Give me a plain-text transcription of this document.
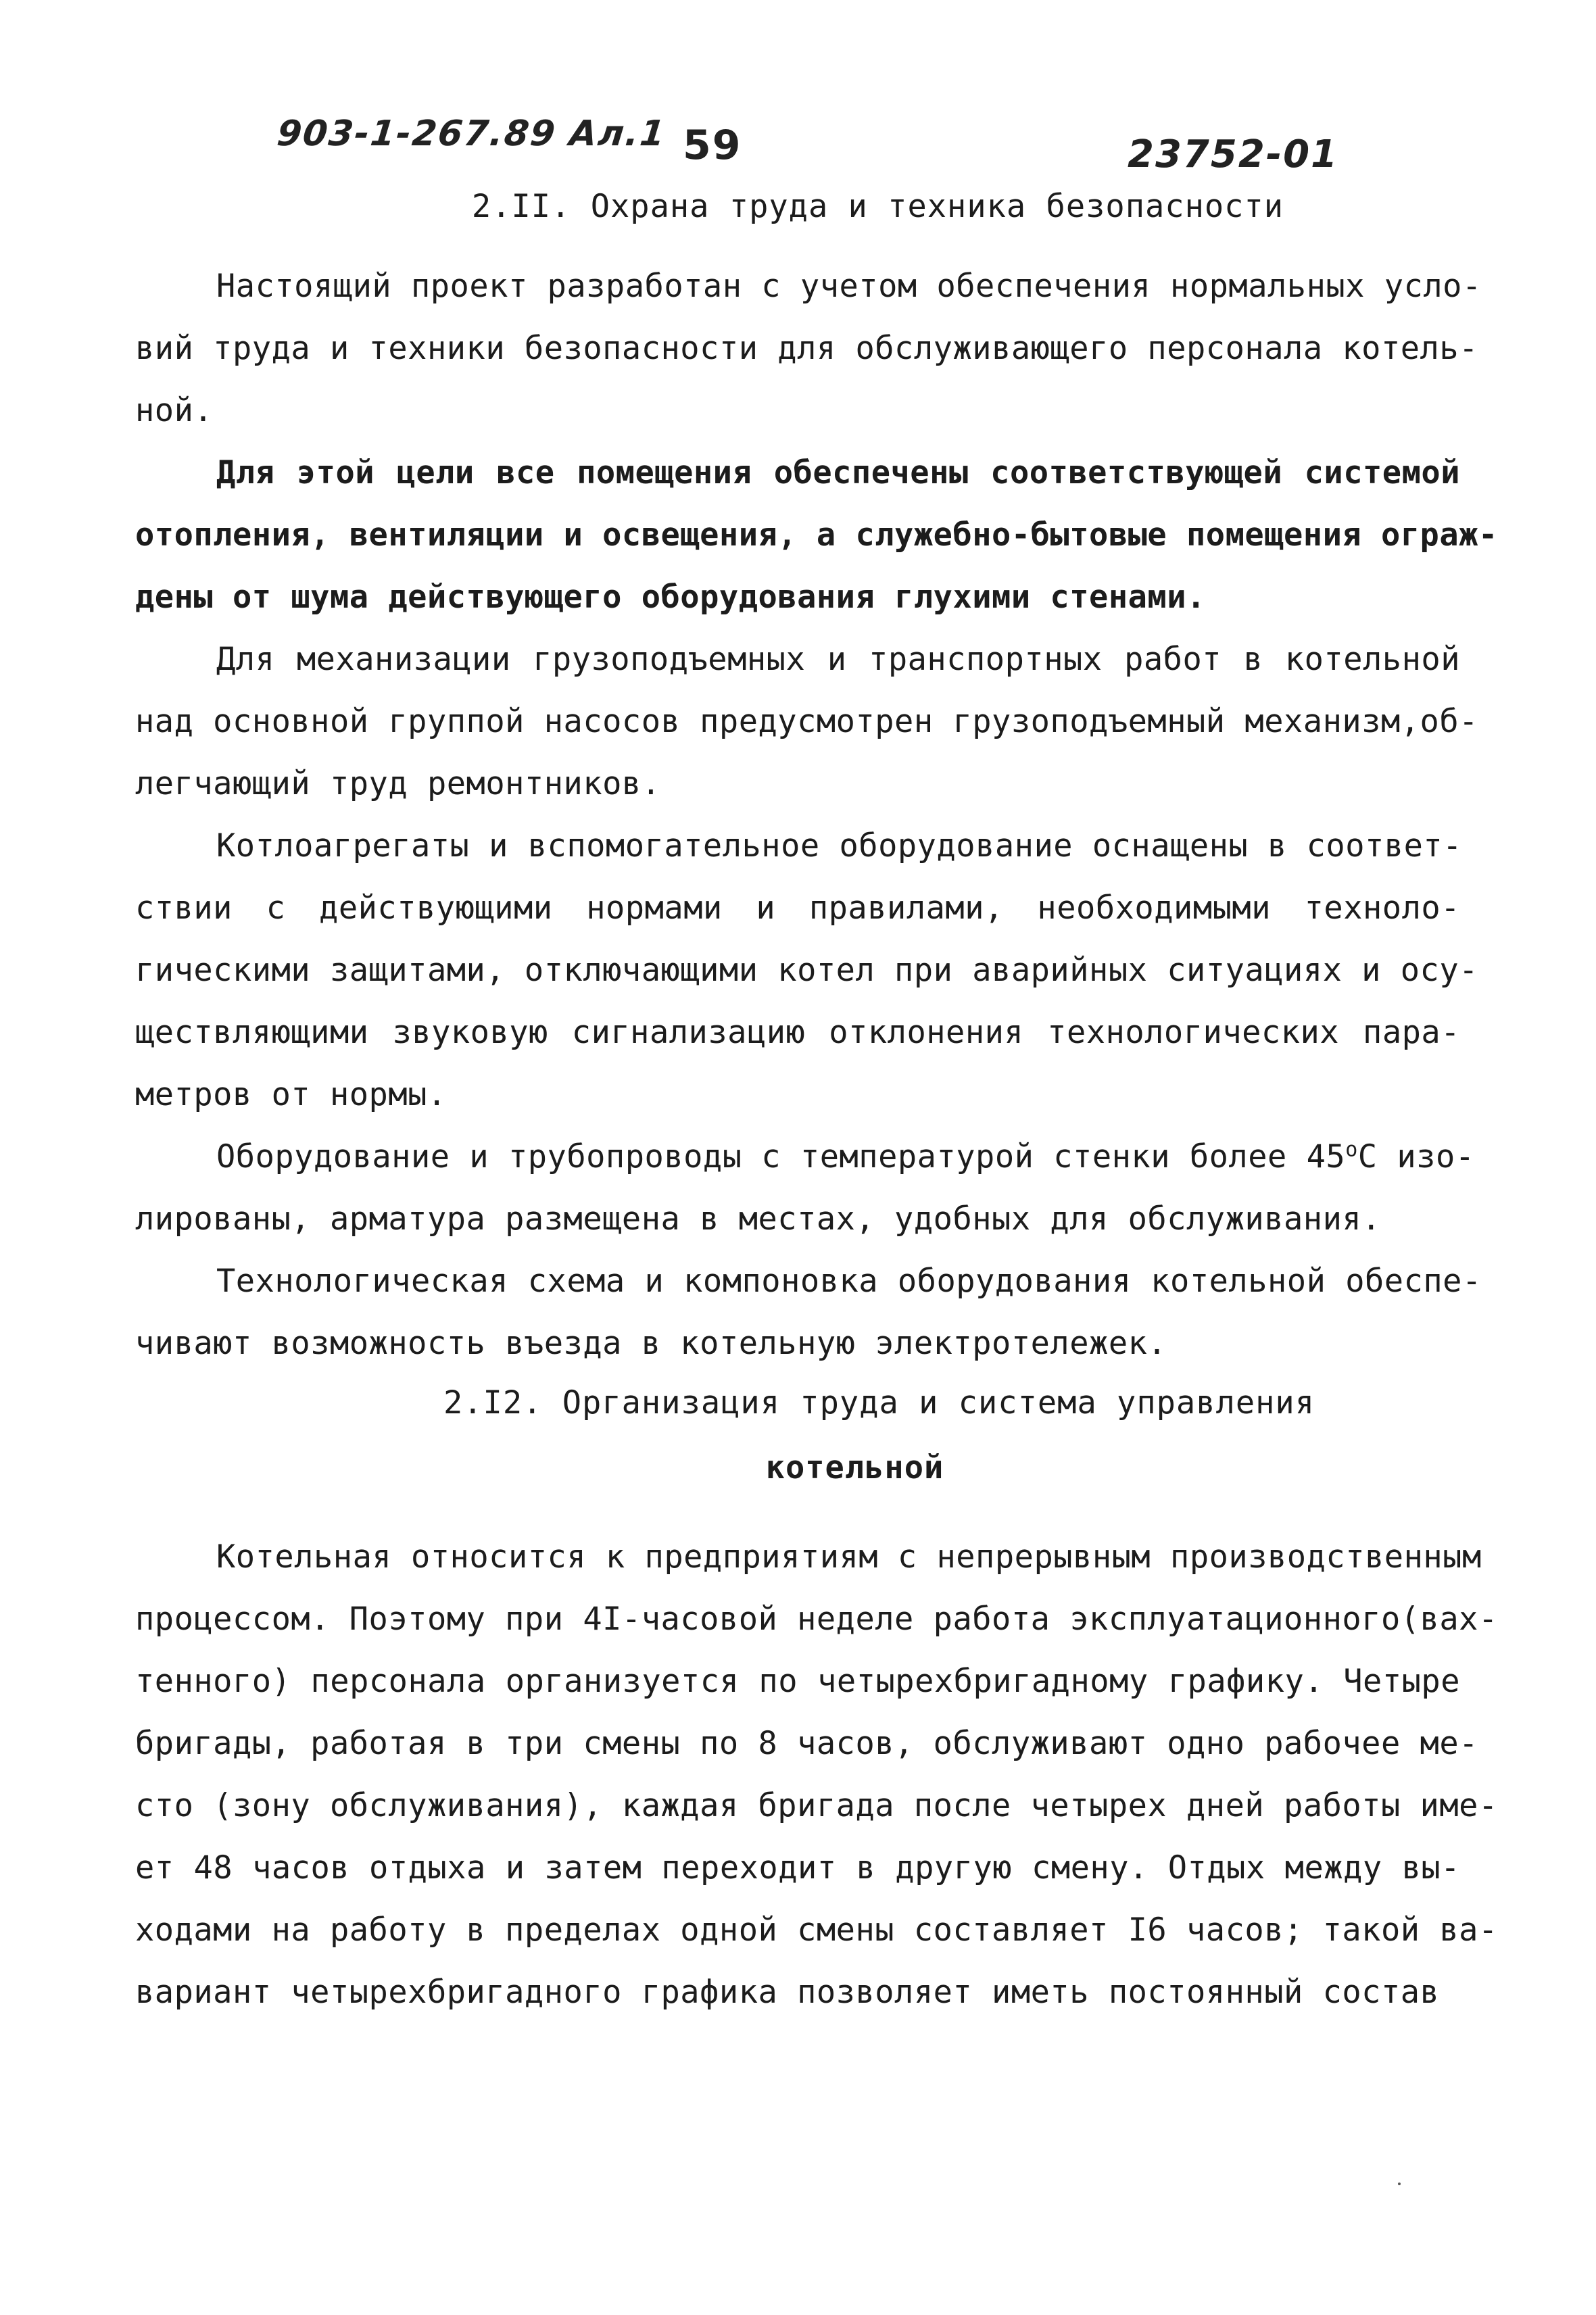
903-1-267.89 Ал.1 59	23752-01
2.II. Охрана труда и техника безопасности
Настоящий проект разработан с учетом обеспечения нормальных усло-
вий труда и техники безопасности для обслуживающего персонала котель-
ной.
Для этой цели все помещения обеспечены соответствующей системой
отопления, вентиляции и освещения, а служебно-бытовые помещения ограж-
дены от шума действующего оборудования глухими стенами.
Для механизации грузоподъемных и транспортных работ в котельной
над основной группой насосов предусмотрен грузоподъемный механизм,об-
легчающий труд ремонтников.
Котлоагрегаты и вспомогательное оборудование оснащены в соответ-
ствии с действующими нормами и правилами, необходимыми техноло-
гическими защитами, отключающими котел при аварийных ситуациях и осу-
ществляющими звуковую сигнализацию отклонения технологических пара-
метров от нормы.
Оборудование и трубопроводы с температурой стенки более $45^оС$ изо-
лированы, арматура размещена в местах, удобных для обслуживания.
Технологическая схема и компоновка оборудования котельной обеспе-
чивают возможность въезда в котельную электротележек.
2.I2. Организация труда и система управления
котельной
Котельная относится к предприятиям с непрерывным производственным
процессом. Поэтому при 4I-часовой неделе работа эксплуатационного(вах-
тенного) персонала организуется по четырехбригадному графику. Четыре
бригады, работая в три смены по 8 часов, обслуживают одно рабочее ме-
сто (зону обслуживания), каждая бригада после четырех дней работы име-
ет 48 часов отдыха и затем переходит в другую смену. Отдых между вы-
ходами на работу в пределах одной смены составляет I6 часов; такой ва-
вариант четырехбригадного графика позволяет иметь постоянный состав
